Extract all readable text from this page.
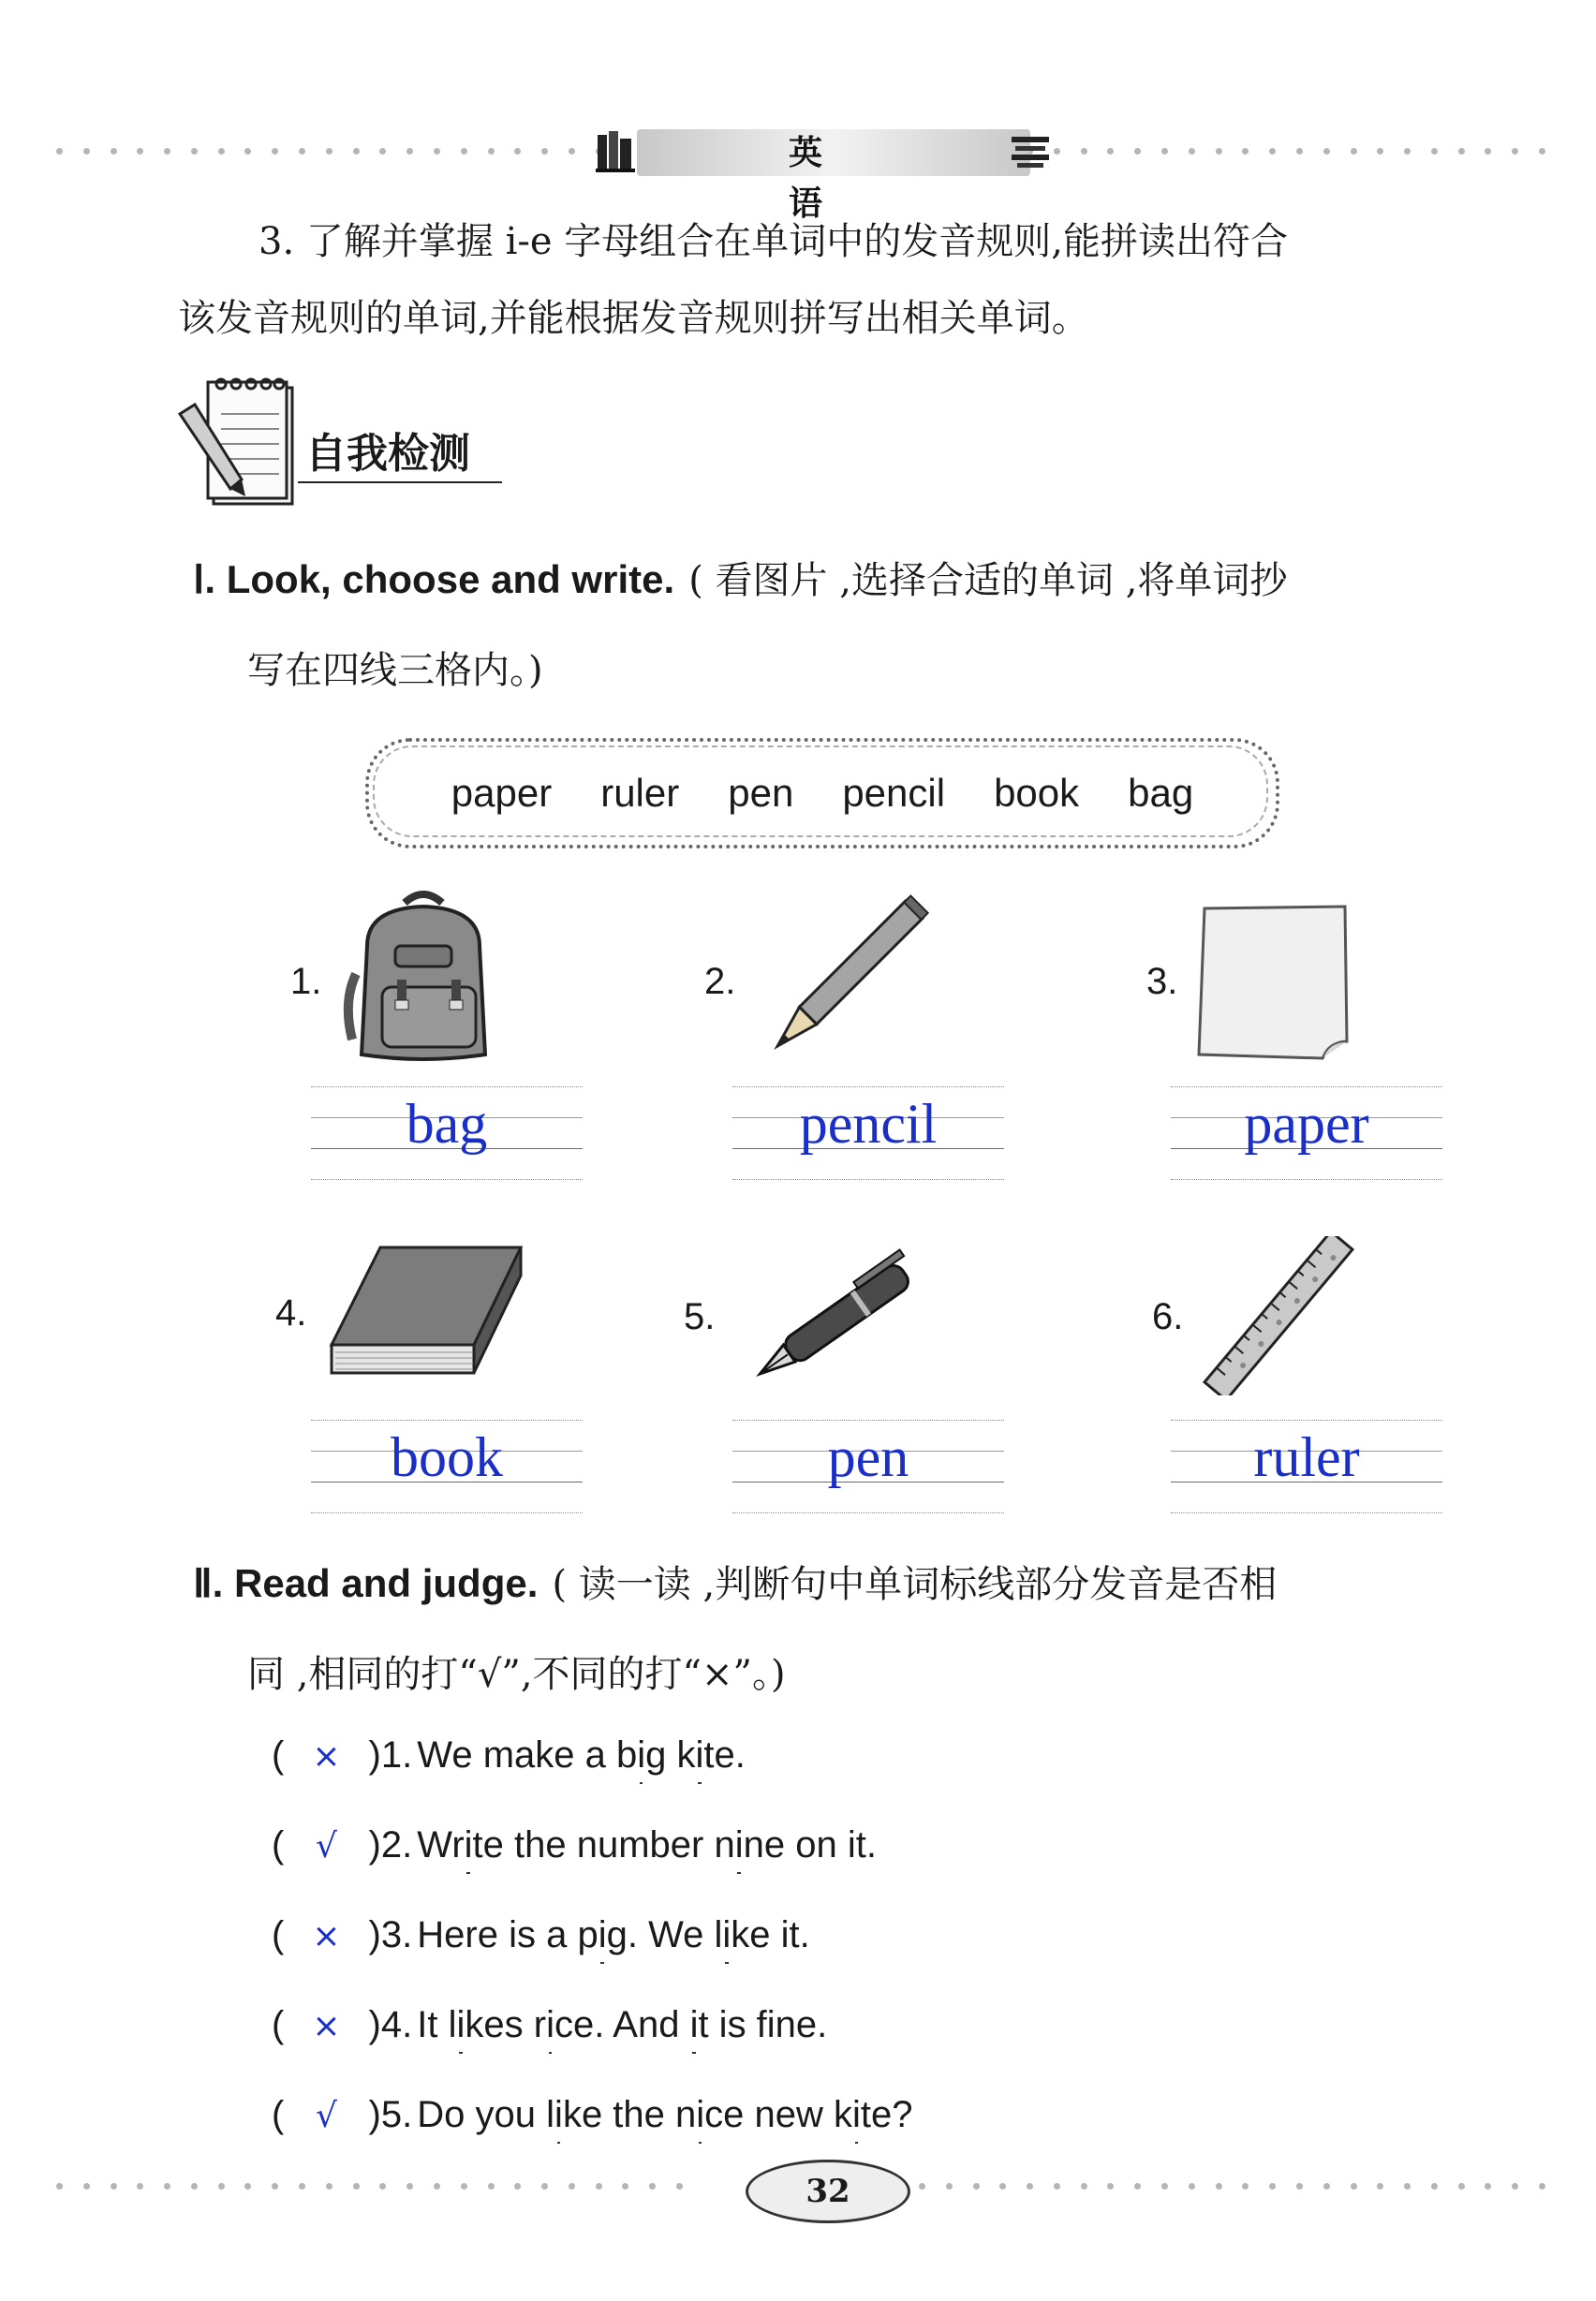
英 语
3. 了解并掌握 i-e 字母组合在单词中的发音规则,能拼读出符合
该发音规则的单词,并能根据发音规则拼写出相关单词。
自我检测
Ⅰ. Look, choose and write. ( 看图片 ,选择合适的单词 ,将单词抄
写在四线三格内。)
paper ruler pen pencil book bag
1.	2.	3.
bag	pencil	paper
4.	5.	6.
book	pen	ruler
Ⅱ. Read and judge. ( 读一读 ,判断句中单词标线部分发音是否相
同 ,相同的打“√”,不同的打“×”。)
( × )1. We make a big kite.
( √ )2. Write the number nine on it.
( × )3. Here is a pig. We like it.
( × )4. It likes rice. And it is fine.
( √ )5. Do you like the nice new kite?
32
